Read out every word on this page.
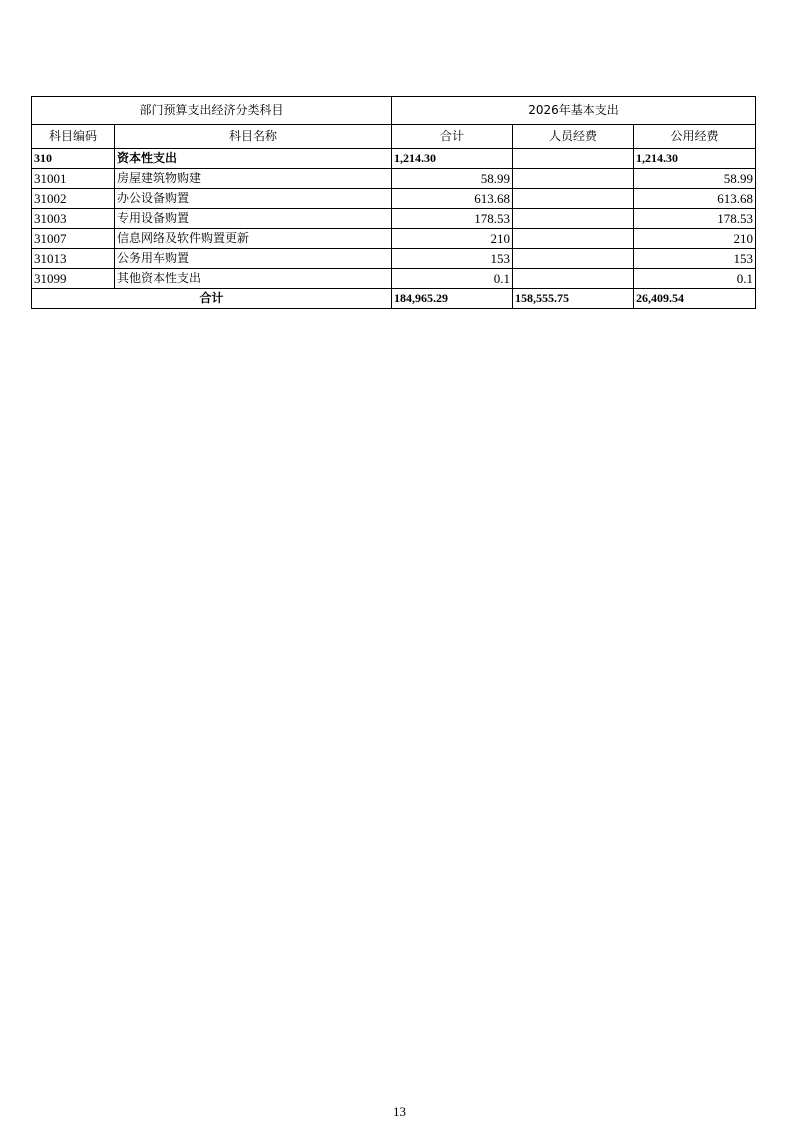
部门预算支出经济分类科目		2026年基本支出		
科目编码	科目名称	合计	人员经费	公用经费
310	资本性支出	1,214.30		1,214.30
31001	房屋建筑物购建	58.99		58.99
31002	办公设备购置	613.68		613.68
31003	专用设备购置	178.53		178.53
31007	信息网络及软件购置更新	210		210
31013	公务用车购置	153		153
31099	其他资本性支出	0.1		0.1
合计		184,965.29	158,555.75	26,409.54
13
